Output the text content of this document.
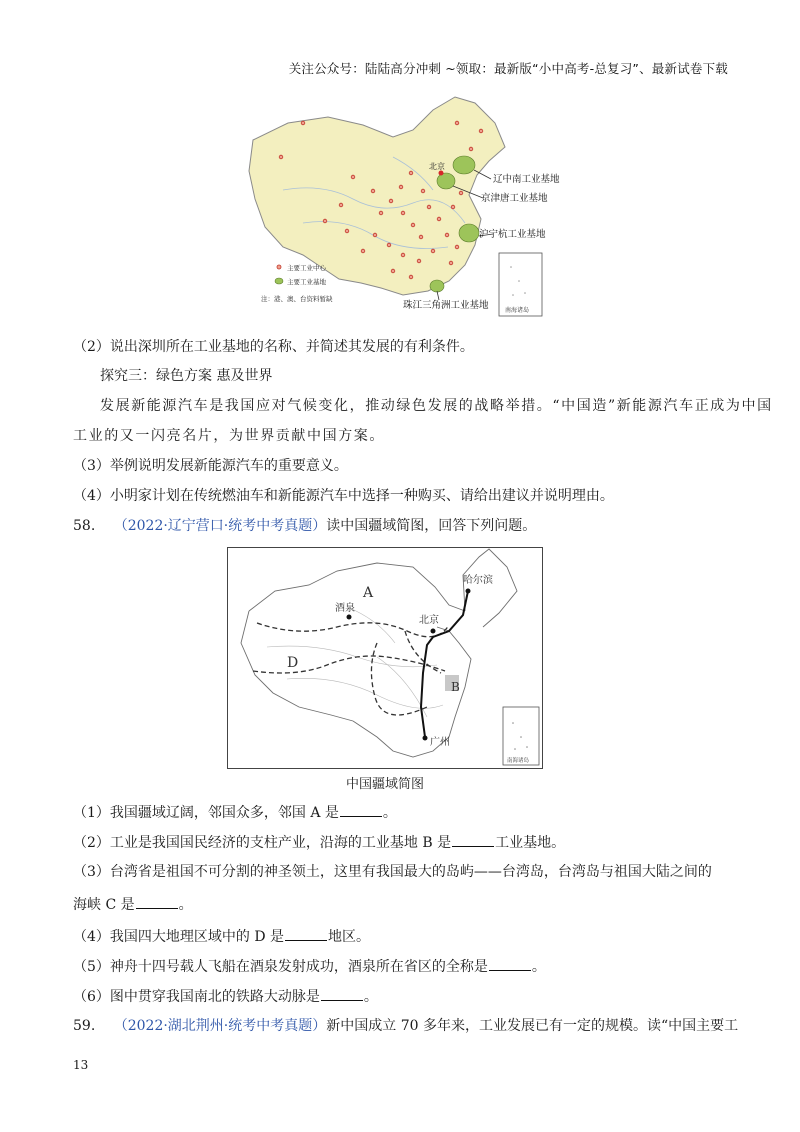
关注公众号：陆陆高分冲刺 ~领取：最新版“小中高考-总复习”、最新试卷下载
北京
辽中南工业基地
京津唐工业基地
沪宁杭工业基地
珠江三角洲工业基地	南海诸岛
主要工业中心
主要工业基地
注：港、澳、台资料暂缺
（2）说出深圳所在工业基地的名称、并简述其发展的有利条件。
探究三：绿色方案 惠及世界
发展新能源汽车是我国应对气候变化，推动绿色发展的战略举措。“中国造”新能源汽车正成为中国
工业的又一闪亮名片，为世界贡献中国方案。
（3）举例说明发展新能源汽车的重要意义。
（4）小明家计划在传统燃油车和新能源汽车中选择一种购买、请给出建议并说明理由。
58. （2022·辽宁营口·统考中考真题）读中国疆域简图，回答下列问题。
A
D
B
哈尔滨
北京
酒泉
广州
南海诸岛
中国疆域简图
（1）我国疆域辽阔，邻国众多，邻国 A 是	。
（2）工业是我国国民经济的支柱产业，沿海的工业基地 B 是	工业基地。
（3）台湾省是祖国不可分割的神圣领土，这里有我国最大的岛屿——台湾岛，台湾岛与祖国大陆之间的
海峡 C 是	。
（4）我国四大地理区域中的 D 是	地区。
（5）神舟十四号载人飞船在酒泉发射成功，酒泉所在省区的全称是	。
（6）图中贯穿我国南北的铁路大动脉是	。
59. （2022·湖北荆州·统考中考真题）新中国成立 70 多年来，工业发展已有一定的规模。读“中国主要工
13
